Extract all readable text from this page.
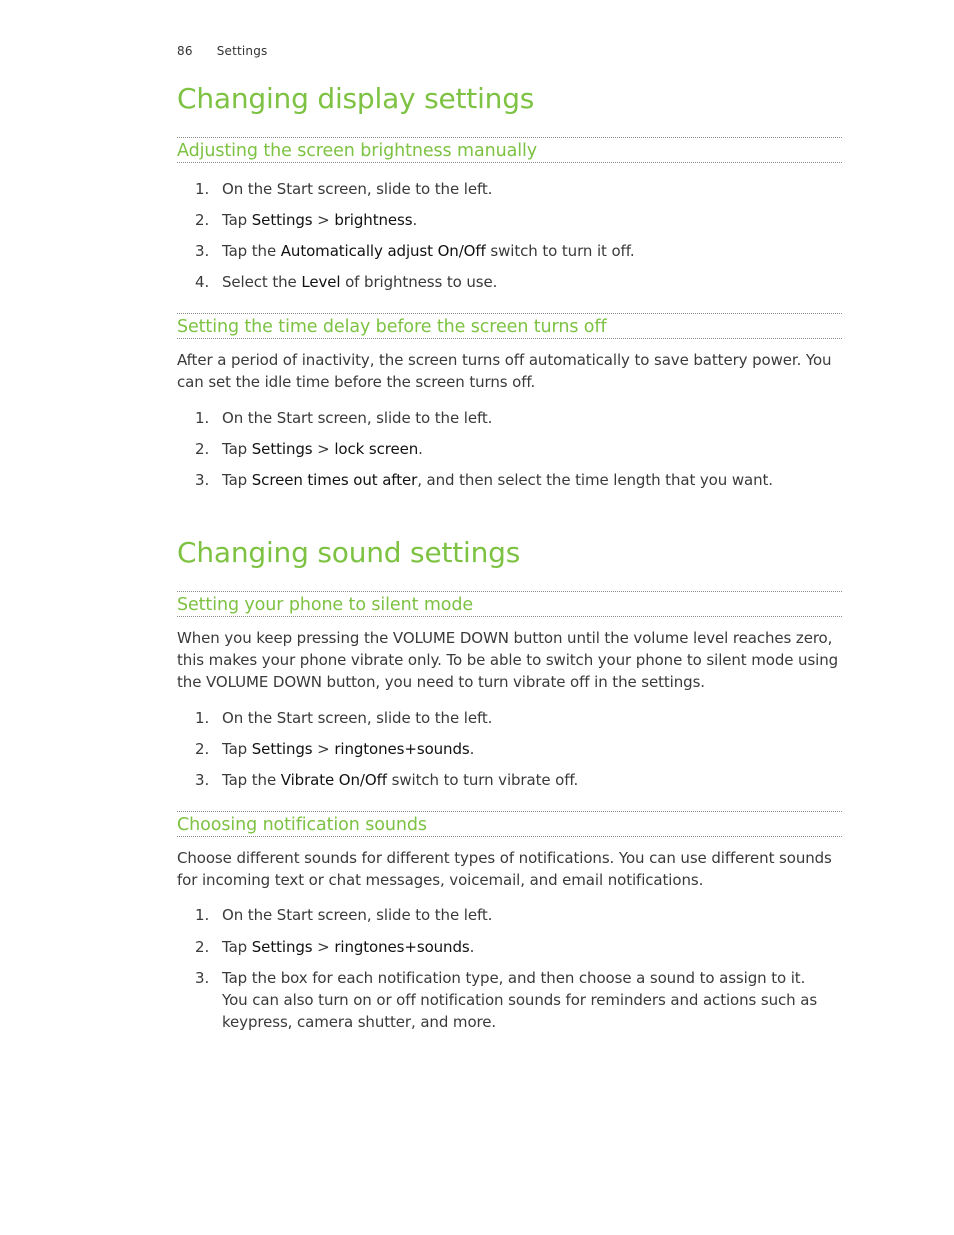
86 Settings
Changing display settings
Adjusting the screen brightness manually
1. On the Start screen, slide to the left.
2. Tap Settings > brightness.
3. Tap the Automatically adjust On/Off switch to turn it off.
4. Select the Level of brightness to use.
Setting the time delay before the screen turns off

After a period of inactivity, the screen turns off automatically to save battery power. You can set the idle time before the screen turns off.

1. On the Start screen, slide to the left.
2. Tap Settings > lock screen.
3. Tap Screen times out after, and then select the time length that you want.
Changing sound settings
Setting your phone to silent mode

When you keep pressing the VOLUME DOWN button until the volume level reaches zero, this makes your phone vibrate only. To be able to switch your phone to silent mode using the VOLUME DOWN button, you need to turn vibrate off in the settings.

1. On the Start screen, slide to the left.
2. Tap Settings > ringtones+sounds.
3. Tap the Vibrate On/Off switch to turn vibrate off.
Choosing notification sounds

Choose different sounds for different types of notifications. You can use different sounds for incoming text or chat messages, voicemail, and email notifications.

1. On the Start screen, slide to the left.
2. Tap Settings > ringtones+sounds.
3. Tap the box for each notification type, and then choose a sound to assign to it. You can also turn on or off notification sounds for reminders and actions such as keypress, camera shutter, and more.
